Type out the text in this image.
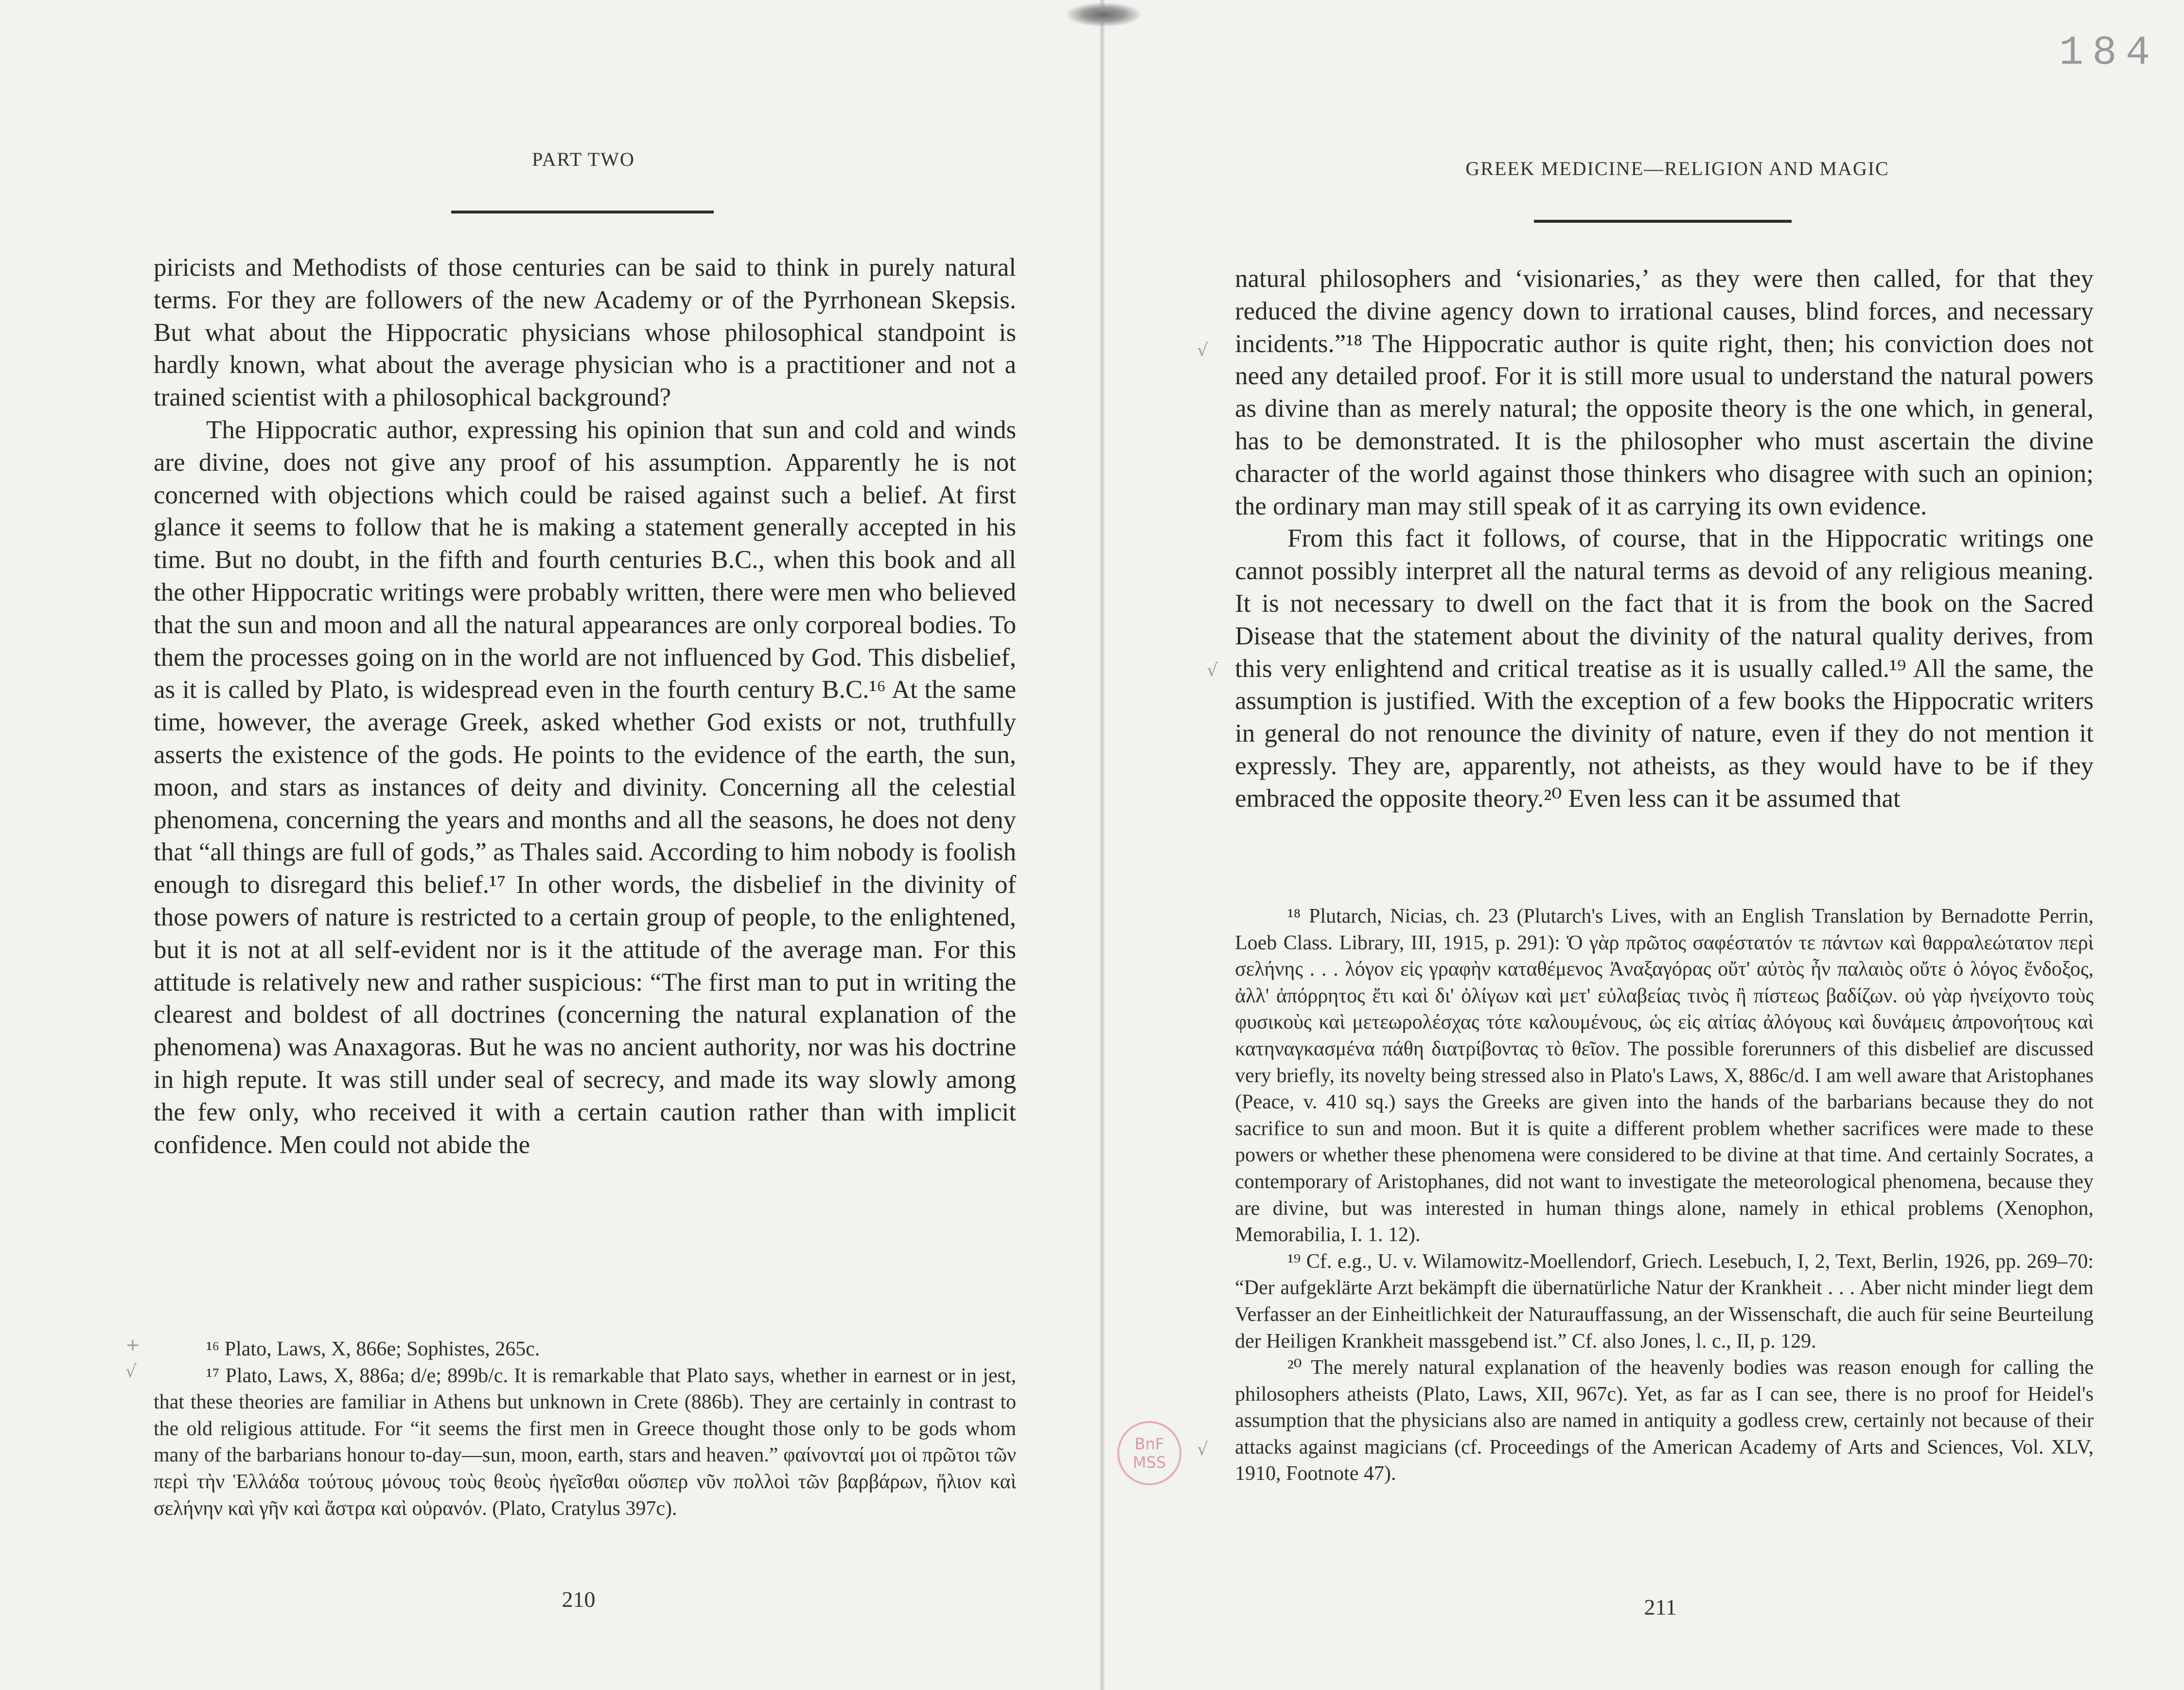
184
PART TWO

piricists and Methodists of those centuries can be said to think in purely natural terms. For they are followers of the new Academy or of the Pyrrhonean Skepsis. But what about the Hippocratic physicians whose philosophical standpoint is hardly known, what about the average physician who is a practitioner and not a trained scientist with a philosophical background?

The Hippocratic author, expressing his opinion that sun and cold and winds are divine, does not give any proof of his assumption. Apparently he is not concerned with objections which could be raised against such a belief. At first glance it seems to follow that he is making a statement generally accepted in his time. But no doubt, in the fifth and fourth centuries B.C., when this book and all the other Hippocratic writings were probably written, there were men who believed that the sun and moon and all the natural appearances are only corporeal bodies. To them the processes going on in the world are not influenced by God. This disbelief, as it is called by Plato, is widespread even in the fourth century B.C.¹⁶ At the same time, however, the average Greek, asked whether God exists or not, truthfully asserts the existence of the gods. He points to the evidence of the earth, the sun, moon, and stars as instances of deity and divinity. Concerning all the celestial phenomena, concerning the years and months and all the seasons, he does not deny that “all things are full of gods,” as Thales said. According to him nobody is foolish enough to disregard this belief.¹⁷ In other words, the disbelief in the divinity of those powers of nature is restricted to a certain group of people, to the enlightened, but it is not at all self-evident nor is it the attitude of the average man. For this attitude is relatively new and rather suspicious: “The first man to put in writing the clearest and boldest of all doctrines (concerning the natural explanation of the phenomena) was Anaxagoras. But he was no ancient authority, nor was his doctrine in high repute. It was still under seal of secrecy, and made its way slowly among the few only, who received it with a certain caution rather than with implicit confidence. Men could not abide the

¹⁶ Plato, Laws, X, 866e; Sophistes, 265c.

¹⁷ Plato, Laws, X, 886a; d/e; 899b/c. It is remarkable that Plato says, whether in earnest or in jest, that these theories are familiar in Athens but unknown in Crete (886b). They are certainly in contrast to the old religious attitude. For “it seems the first men in Greece thought those only to be gods whom many of the barbarians honour to-day—sun, moon, earth, stars and heaven.” φαίνονταί μοι οἱ πρῶτοι τῶν περὶ τὴν Ἑλλάδα τούτους μόνους τοὺς θεοὺς ἡγεῖσθαι οὕσπερ νῦν πολλοὶ τῶν βαρβάρων, ἥλιον καὶ σελήνην καὶ γῆν καὶ ἄστρα καὶ οὐρανόν. (Plato, Cratylus 397c).

210
+
√
GREEK MEDICINE—RELIGION AND MAGIC

natural philosophers and ‘visionaries,’ as they were then called, for that they reduced the divine agency down to irrational causes, blind forces, and necessary incidents.”¹⁸ The Hippocratic author is quite right, then; his conviction does not need any detailed proof. For it is still more usual to understand the natural powers as divine than as merely natural; the opposite theory is the one which, in general, has to be demonstrated. It is the philosopher who must ascertain the divine character of the world against those thinkers who disagree with such an opinion; the ordinary man may still speak of it as carrying its own evidence.

From this fact it follows, of course, that in the Hippocratic writings one cannot possibly interpret all the natural terms as devoid of any religious meaning. It is not necessary to dwell on the fact that it is from the book on the Sacred Disease that the statement about the divinity of the natural quality derives, from this very enlightend and critical treatise as it is usually called.¹⁹ All the same, the assumption is justified. With the exception of a few books the Hippocratic writers in general do not renounce the divinity of nature, even if they do not mention it expressly. They are, apparently, not atheists, as they would have to be if they embraced the opposite theory.²⁰ Even less can it be assumed that

¹⁸ Plutarch, Nicias, ch. 23 (Plutarch's Lives, with an English Translation by Bernadotte Perrin, Loeb Class. Library, III, 1915, p. 291): Ὁ γὰρ πρῶτος σαφέστατόν τε πάντων καὶ θαρραλεώτατον περὶ σελήνης . . . λόγον εἰς γραφὴν καταθέμενος Ἀναξαγόρας οὔτ' αὐτὸς ἦν παλαιὸς οὔτε ὁ λόγος ἔνδοξος, ἀλλ' ἀπόρρητος ἔτι καὶ δι' ὀλίγων καὶ μετ' εὐλαβείας τινὸς ἢ πίστεως βαδίζων. οὐ γὰρ ἠνείχοντο τοὺς φυσικοὺς καὶ μετεωρολέσχας τότε καλουμένους, ὡς εἰς αἰτίας ἀλόγους καὶ δυνάμεις ἀπρονοήτους καὶ κατηναγκασμένα πάθη διατρίβοντας τὸ θεῖον. The possible forerunners of this disbelief are discussed very briefly, its novelty being stressed also in Plato's Laws, X, 886c/d. I am well aware that Aristophanes (Peace, v. 410 sq.) says the Greeks are given into the hands of the barbarians because they do not sacrifice to sun and moon. But it is quite a different problem whether sacrifices were made to these powers or whether these phenomena were considered to be divine at that time. And certainly Socrates, a contemporary of Aristophanes, did not want to investigate the meteorological phenomena, because they are divine, but was interested in human things alone, namely in ethical problems (Xenophon, Memorabilia, I. 1. 12).

¹⁹ Cf. e.g., U. v. Wilamowitz-Moellendorf, Griech. Lesebuch, I, 2, Text, Berlin, 1926, pp. 269–70: “Der aufgeklärte Arzt bekämpft die übernatürliche Natur der Krankheit . . . Aber nicht minder liegt dem Verfasser an der Einheitlichkeit der Naturauffassung, an der Wissenschaft, die auch für seine Beurteilung der Heiligen Krankheit massgebend ist.” Cf. also Jones, l. c., II, p. 129.

²⁰ The merely natural explanation of the heavenly bodies was reason enough for calling the philosophers atheists (Plato, Laws, XII, 967c). Yet, as far as I can see, there is no proof for Heidel's assumption that the physicians also are named in antiquity a godless crew, certainly not because of their attacks against magicians (cf. Proceedings of the American Academy of Arts and Sciences, Vol. XLV, 1910, Footnote 47).

211
√
√
√
BnF
MSS
